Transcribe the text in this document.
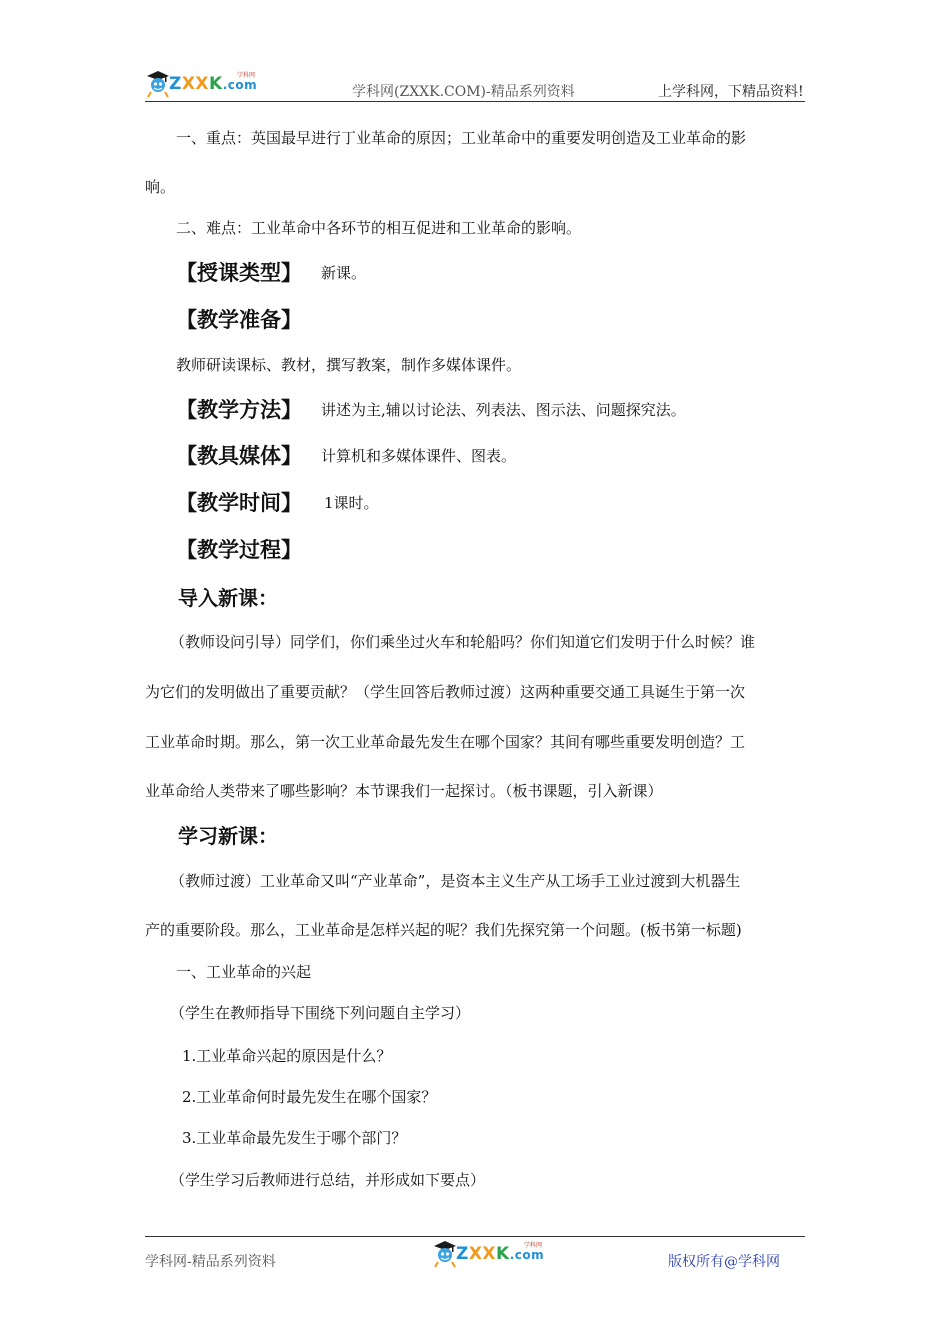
ZXXK.com
学科网
学科网(ZXXK.COM)-精品系列资料	上学科网，下精品资料!
一、重点：英国最早进行丁业革命的原因；工业革命中的重要发明创造及工业革命的影
响。
二、难点：工业革命中各环节的相互促进和工业革命的影响。
【授课类型】 新课。
【教学准备】
教师研读课标、教材，撰写教案，制作多媒体课件。
【教学方法】 讲述为主,辅以讨论法、列表法、图示法、问题探究法。
【教具媒体】 计算机和多媒体课件、图表。
【教学时间】 1课时。
【教学过程】
导入新课：
（教师设问引导）同学们，你们乘坐过火车和轮船吗？你们知道它们发明于什么时候？谁
为它们的发明做出了重要贡献？（学生回答后教师过渡）这两种重要交通工具诞生于第一次
工业革命时期。那么，第一次工业革命最先发生在哪个国家？其间有哪些重要发明创造？工
业革命给人类带来了哪些影响？本节课我们一起探讨。（板书课题，引入新课）
学习新课：
（教师过渡）工业革命又叫“产业革命”，是资本主义生产从工场手工业过渡到大机器生
产的重要阶段。那么，工业革命是怎样兴起的呢？我们先探究第一个问题。(板书第一标题)
一、工业革命的兴起
（学生在教师指导下围绕下列问题自主学习）
1.工业革命兴起的原因是什么？
2.工业革命何时最先发生在哪个国家？
3.工业革命最先发生于哪个部门？
（学生学习后教师进行总结，并形成如下要点）
学科网-精品系列资料	ZXXK.com
学科网
版权所有@学科网
